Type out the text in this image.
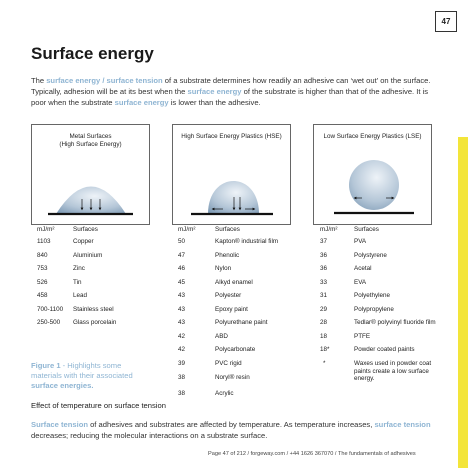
47
Surface energy
The surface energy / surface tension of a substrate determines how readily an adhesive can ‘wet out’ on the surface. Typically, adhesion will be at its best when the surface energy of the substrate is higher than that of the adhesive. It is poor when the substrate surface energy is lower than the adhesive.
Metal Surfaces
(High Surface Energy)
High Surface Energy Plastics (HSE)	Low Surface Energy Plastics (LSE)
mJ/m²	Surfaces
1103	Copper
840	Aluminium
753	Zinc
526	Tin
458	Lead
700-1100 Stainless steel
250-500 Glass porcelain
mJ/m²	Surfaces
50	Kapton® industrial film
47	Phenolic
46	Nylon
45	Alkyd enamel
43	Polyester
43	Epoxy paint
43	Polyurethane paint
42	ABD
42	Polycarbonate
39	PVC rigid
38	Noryl® resin
38	Acrylic
mJ/m²	Surfaces
37	PVA
36	Polystyrene
36	Acetal
33	EVA
31	Polyethylene
29	Polypropylene
28	Tedlar® polyvinyl fluoride film
18	PTFE
18*	Powder coated paints
*	Waxes used in powder coat paints create a low surface energy.
Figure 1 - Highlights some materials with their associated surface energies.
Effect of temperature on surface tension
Surface tension of adhesives and substrates are affected by temperature. As temperature increases, surface tension decreases; reducing the molecular interactions on a substrate surface.
Page 47 of 212 / forgeway.com / +44 1626 367070 / The fundamentals of adhesives
